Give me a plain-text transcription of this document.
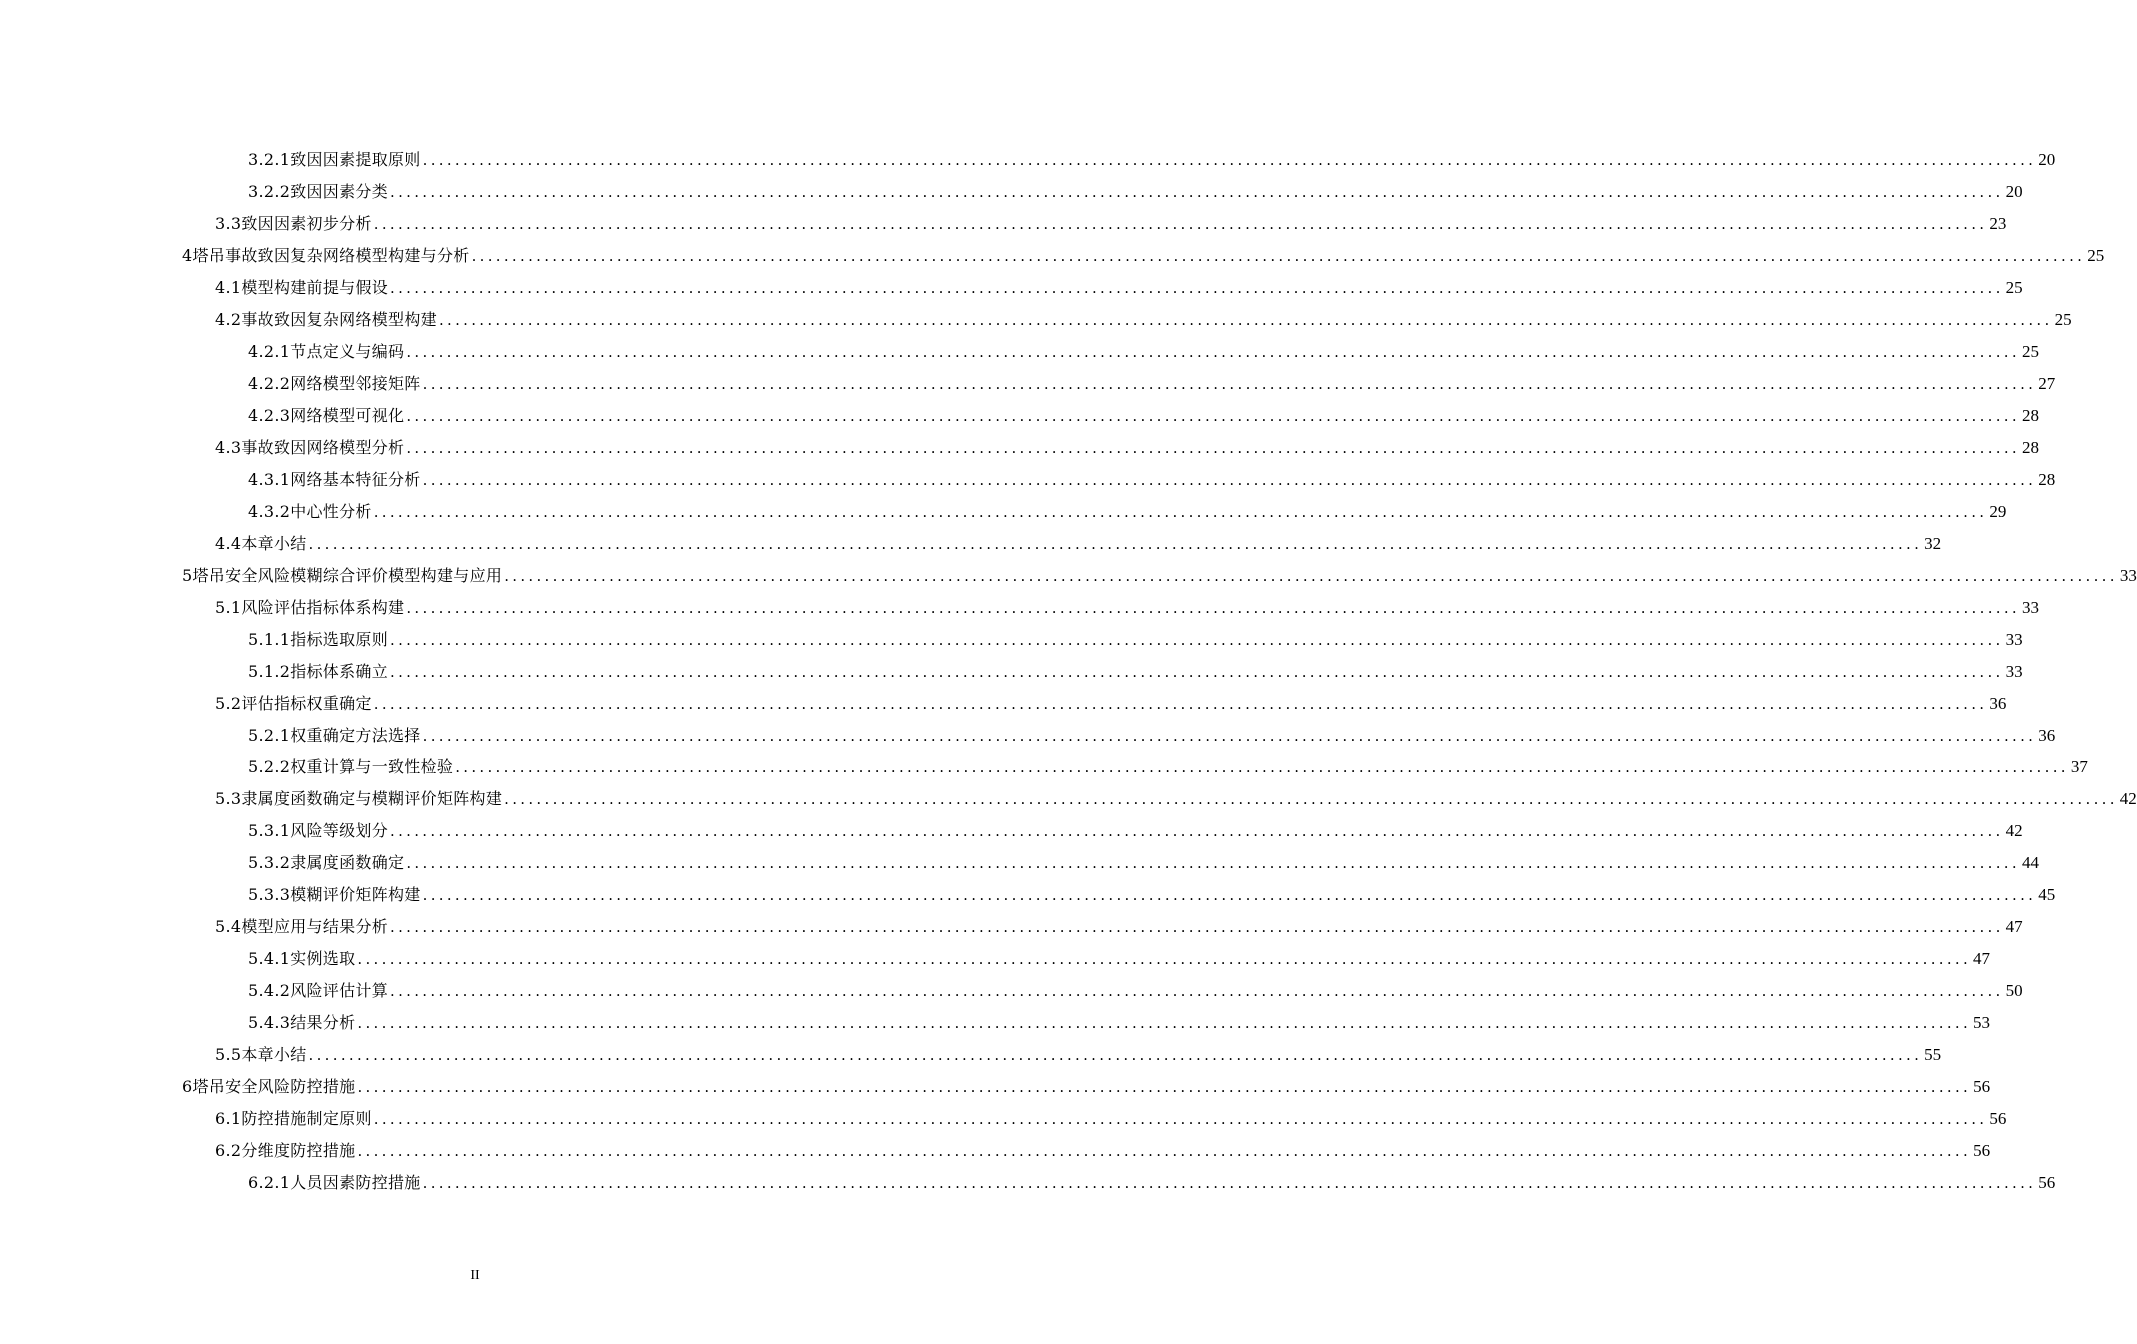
3.2.1致因因素提取原则 ........................................................................................................................................................................................................ 20
3.2.2致因因素分类 ........................................................................................................................................................................................................ 20
3.3致因因素初步分析 ........................................................................................................................................................................................................ 23
4塔吊事故致因复杂网络模型构建与分析 ........................................................................................................................................................................................................ 25
4.1模型构建前提与假设 ........................................................................................................................................................................................................ 25
4.2事故致因复杂网络模型构建 ........................................................................................................................................................................................................ 25
4.2.1节点定义与编码 ........................................................................................................................................................................................................ 25
4.2.2网络模型邻接矩阵 ........................................................................................................................................................................................................ 27
4.2.3网络模型可视化 ........................................................................................................................................................................................................ 28
4.3事故致因网络模型分析 ........................................................................................................................................................................................................ 28
4.3.1网络基本特征分析 ........................................................................................................................................................................................................ 28
4.3.2中心性分析 ........................................................................................................................................................................................................ 29
4.4本章小结 ........................................................................................................................................................................................................ 32
5塔吊安全风险模糊综合评价模型构建与应用 ........................................................................................................................................................................................................ 33
5.1风险评估指标体系构建 ........................................................................................................................................................................................................ 33
5.1.1指标选取原则 ........................................................................................................................................................................................................ 33
5.1.2指标体系确立 ........................................................................................................................................................................................................ 33
5.2评估指标权重确定 ........................................................................................................................................................................................................ 36
5.2.1权重确定方法选择 ........................................................................................................................................................................................................ 36
5.2.2权重计算与一致性检验 ........................................................................................................................................................................................................ 37
5.3隶属度函数确定与模糊评价矩阵构建 ........................................................................................................................................................................................................ 42
5.3.1风险等级划分 ........................................................................................................................................................................................................ 42
5.3.2隶属度函数确定 ........................................................................................................................................................................................................ 44
5.3.3模糊评价矩阵构建 ........................................................................................................................................................................................................ 45
5.4模型应用与结果分析 ........................................................................................................................................................................................................ 47
5.4.1实例选取 ........................................................................................................................................................................................................ 47
5.4.2风险评估计算 ........................................................................................................................................................................................................ 50
5.4.3结果分析 ........................................................................................................................................................................................................ 53
5.5本章小结 ........................................................................................................................................................................................................ 55
6塔吊安全风险防控措施 ........................................................................................................................................................................................................ 56
6.1防控措施制定原则 ........................................................................................................................................................................................................ 56
6.2分维度防控措施 ........................................................................................................................................................................................................ 56
6.2.1人员因素防控措施 ........................................................................................................................................................................................................ 56
II
